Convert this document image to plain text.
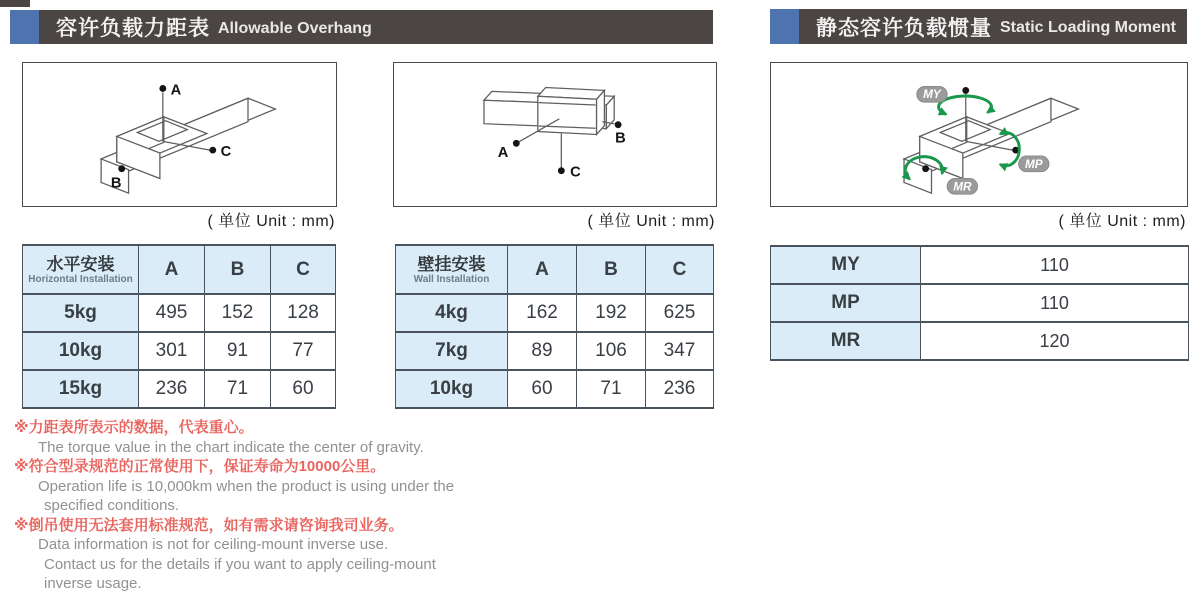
容许负载力距表 Allowable Overhang	静态容许负载惯量 Static Loading Moment
A
C
B
A
B
C
MY
MP
MR
( 单位 Unit : mm)	( 单位 Unit : mm)	( 单位 Unit : mm)
水平安装
Horizontal Installation	A	B	C
5kg	495	152	128
10kg	301	91	77
15kg	236	71	60
壁挂安装
Wall Installation	A	B	C
4kg	162	192	625
7kg	89	106	347
10kg	60	71	236
MY	110
MP	110
MR	120
※力距表所表示的数据，代表重心。
The torque value in the chart indicate the center of gravity.
※符合型录规范的正常使用下，保证寿命为10000公里。
Operation life is 10,000km when the product is using under the
specified conditions.
※倒吊使用无法套用标准规范，如有需求请咨询我司业务。
Data information is not for ceiling-mount inverse use.
Contact us for the details if you want to apply ceiling-mount
inverse usage.
